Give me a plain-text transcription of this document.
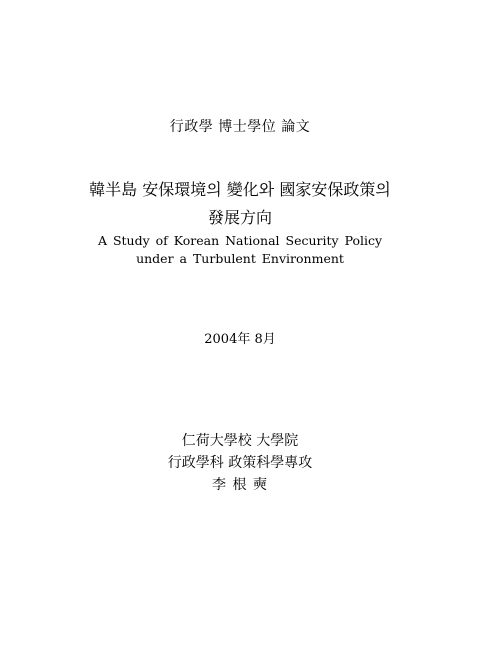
行政學 博士學位 論文
韓半島 安保環境의 變化와 國家安保政策의
發展方向
A Study of Korean National Security Policy
under a Turbulent Environment
2004年 8月
仁荷大學校 大學院
行政學科 政策科學專攻
李 根 奭
